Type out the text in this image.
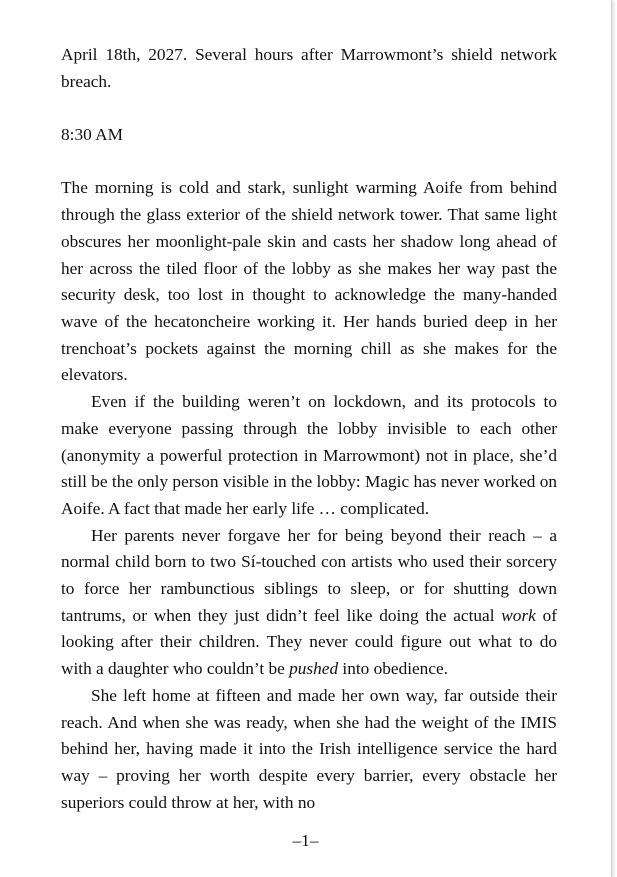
April 18th, 2027. Several hours after Marrowmont’s shield network breach.

8:30 AM

The morning is cold and stark, sunlight warming Aoife from behind through the glass exterior of the shield network tower. That same light obscures her moonlight-pale skin and casts her shadow long ahead of her across the tiled floor of the lobby as she makes her way past the security desk, too lost in thought to acknowledge the many-handed wave of the hecatoncheire working it. Her hands buried deep in her trenchoat’s pockets against the morning chill as she makes for the elevators.

Even if the building weren’t on lockdown, and its protocols to make everyone passing through the lobby invisible to each other (anonymity a powerful protection in Marrowmont) not in place, she’d still be the only person visible in the lobby: Magic has never worked on Aoife. A fact that made her early life … complicated.

Her parents never forgave her for being beyond their reach – a normal child born to two Sí-touched con artists who used their sorcery to force her rambunctious siblings to sleep, or for shutting down tantrums, or when they just didn’t feel like doing the actual work of looking after their children. They never could figure out what to do with a daughter who couldn’t be pushed into obedience.

She left home at fifteen and made her own way, far outside their reach. And when she was ready, when she had the weight of the IMIS behind her, having made it into the Irish intelligence service the hard way – proving her worth despite every barrier, every obstacle her superiors could throw at her, with no

–1–
